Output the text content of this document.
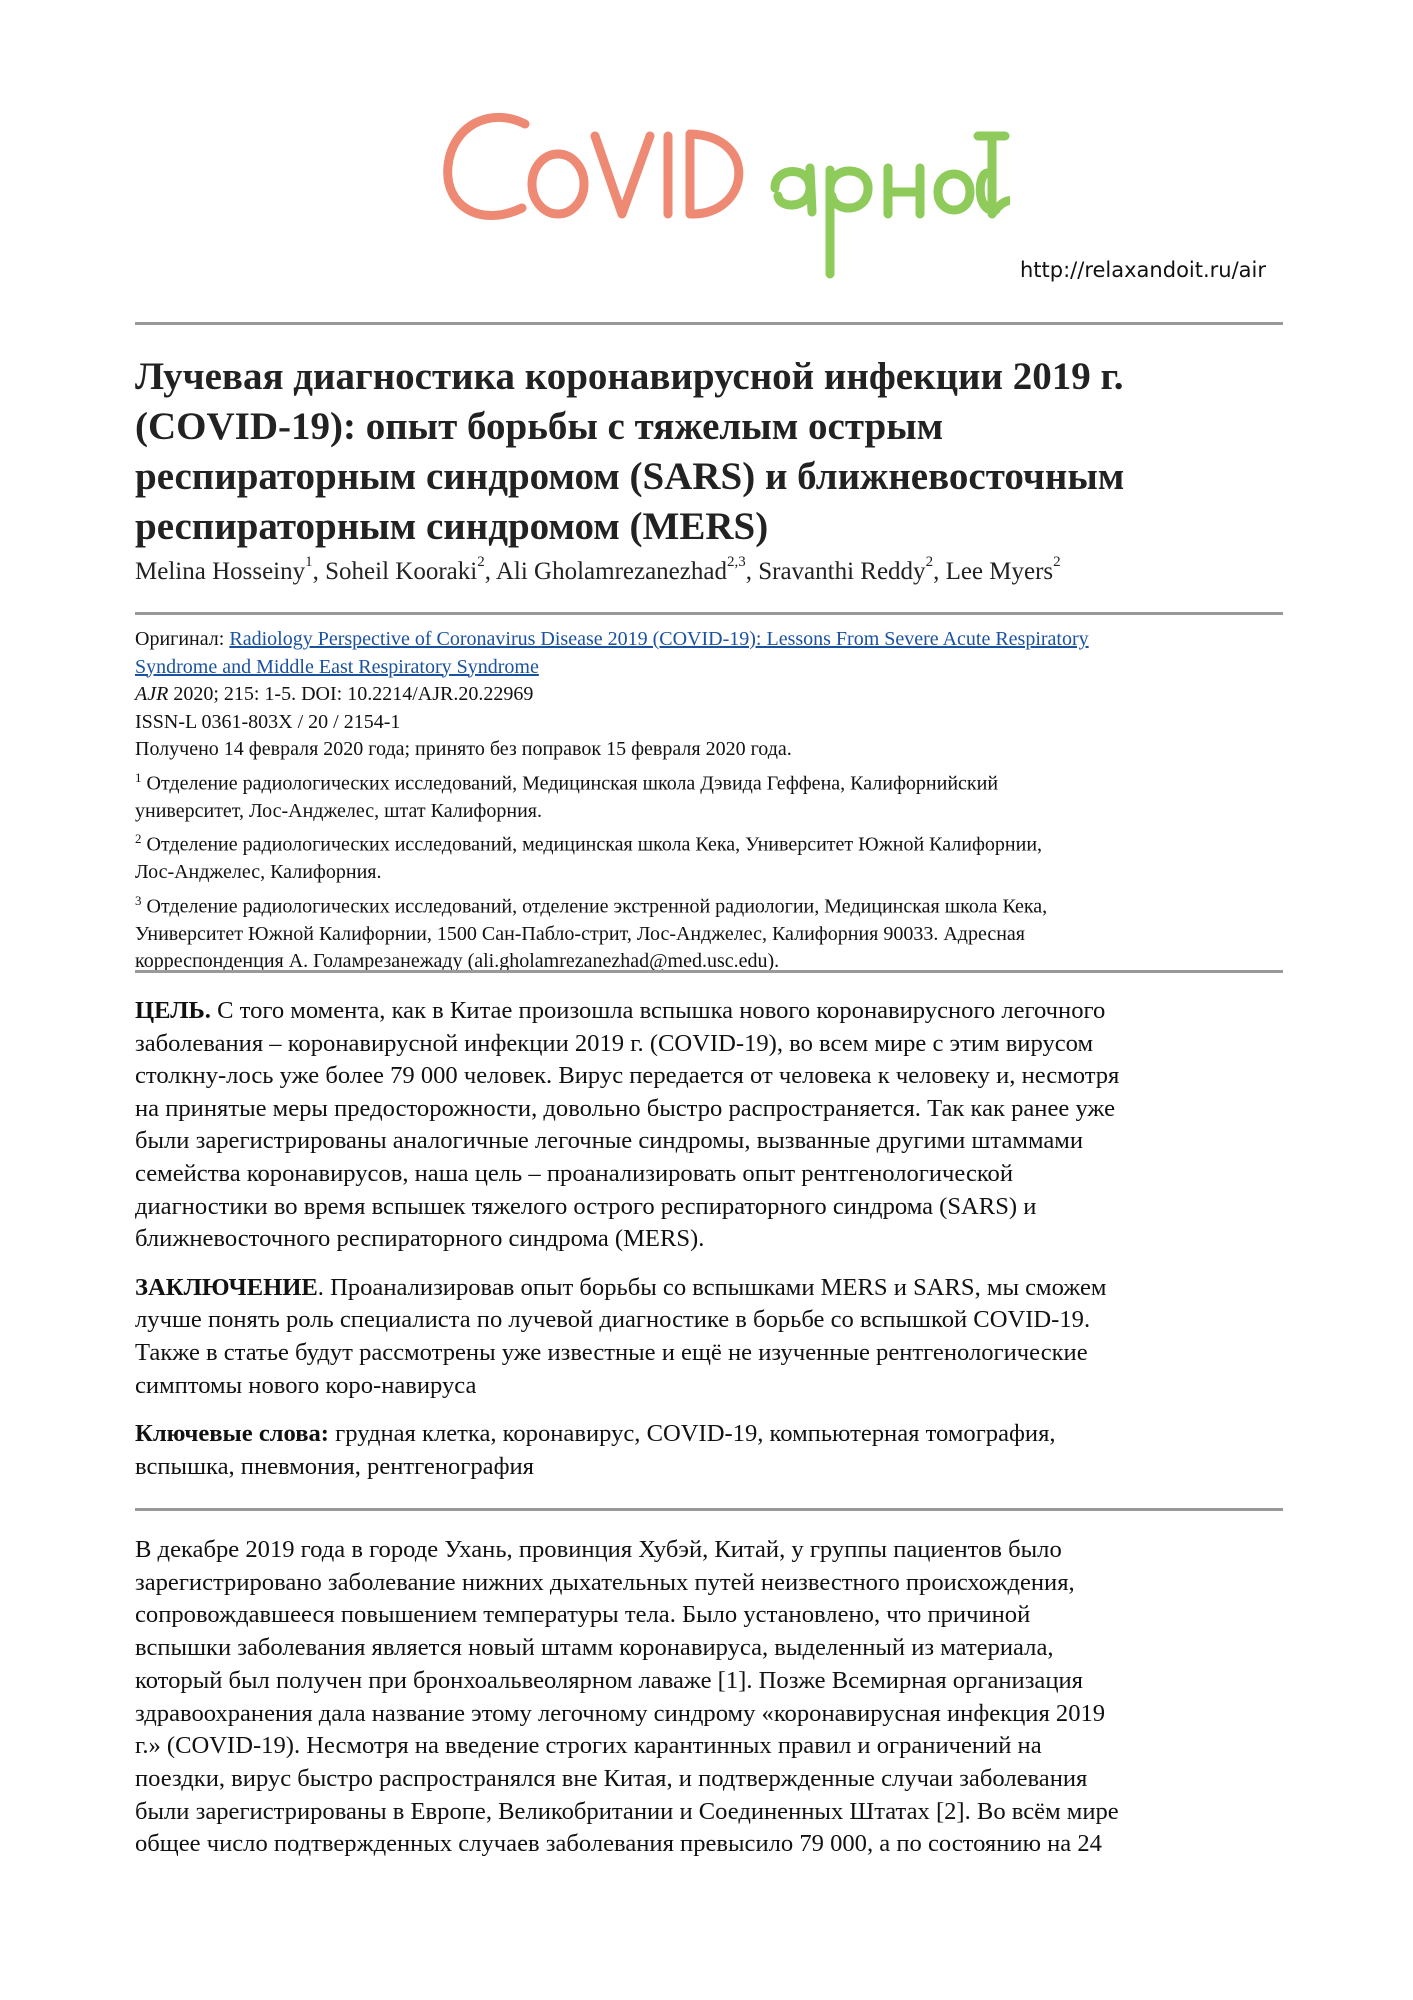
http://relaxandoit.ru/air
Лучевая диагностика коронавирусной инфекции 2019 г.
(COVID-19): опыт борьбы с тяжелым острым
респираторным синдромом (SARS) и ближневосточным
респираторным синдромом (MERS)
Melina Hosseiny$^1$, Soheil Kooraki$^2$, Ali Gholamrezanezhad$^{2,3}$, Sravanthi Reddy$^2$, Lee Myers$^2$
Оригинал: Radiology Perspective of Coronavirus Disease 2019 (COVID-19): Lessons From Severe Acute Respiratory
Syndrome and Middle East Respiratory Syndrome
AJR 2020; 215: 1-5. DOI: 10.2214/AJR.20.22969
ISSN-L 0361-803X / 20 / 2154-1
Получено 14 февраля 2020 года; принято без поправок 15 февраля 2020 года.
$^1$ Отделение радиологических исследований, Медицинская школа Дэвида Геффена, Калифорнийский
университет, Лос-Анджелес, штат Калифорния.
$^2$ Отделение радиологических исследований, медицинская школа Кека, Университет Южной Калифорнии,
Лос-Анджелес, Калифорния.
$^3$ Отделение радиологических исследований, отделение экстренной радиологии, Медицинская школа Кека,
Университет Южной Калифорнии, 1500 Сан-Пабло-стрит, Лос-Анджелес, Калифорния 90033. Адресная
корреспонденция А. Голамрезанежаду (ali.gholamrezanezhad@med.usc.edu).

ЦЕЛЬ. С того момента, как в Китае произошла вспышка нового коронавирусного легочного
заболевания – коронавирусной инфекции 2019 г. (COVID-19), во всем мире с этим вирусом
столкну-лось уже более 79 000 человек. Вирус передается от человека к человеку и, несмотря
на принятые меры предосторожности, довольно быстро распространяется. Так как ранее уже
были зарегистрированы аналогичные легочные синдромы, вызванные другими штаммами
семейства коронавирусов, наша цель – проанализировать опыт рентгенологической
диагностики во время вспышек тяжелого острого респираторного синдрома (SARS) и
ближневосточного респираторного синдрома (MERS).

ЗАКЛЮЧЕНИЕ. Проанализировав опыт борьбы со вспышками MERS и SARS, мы сможем
лучше понять роль специалиста по лучевой диагностике в борьбе со вспышкой COVID-19.
Также в статье будут рассмотрены уже известные и ещё не изученные рентгенологические
симптомы нового коро-навируса

Ключевые слова: грудная клетка, коронавирус, COVID-19, компьютерная томография,
вспышка, пневмония, рентгенография

В декабре 2019 года в городе Ухань, провинция Хубэй, Китай, у группы пациентов было
зарегистрировано заболевание нижних дыхательных путей неизвестного происхождения,
сопровождавшееся повышением температуры тела. Было установлено, что причиной
вспышки заболевания является новый штамм коронавируса, выделенный из материала,
который был получен при бронхоальвеолярном лаваже [1]. Позже Всемирная организация
здравоохранения дала название этому легочному синдрому «коронавирусная инфекция 2019
г.» (COVID-19). Несмотря на введение строгих карантинных правил и ограничений на
поездки, вирус быстро распространялся вне Китая, и подтвержденные случаи заболевания
были зарегистрированы в Европе, Великобритании и Соединенных Штатах [2]. Во всём мире
общее число подтвержденных случаев заболевания превысило 79 000, а по состоянию на 24
